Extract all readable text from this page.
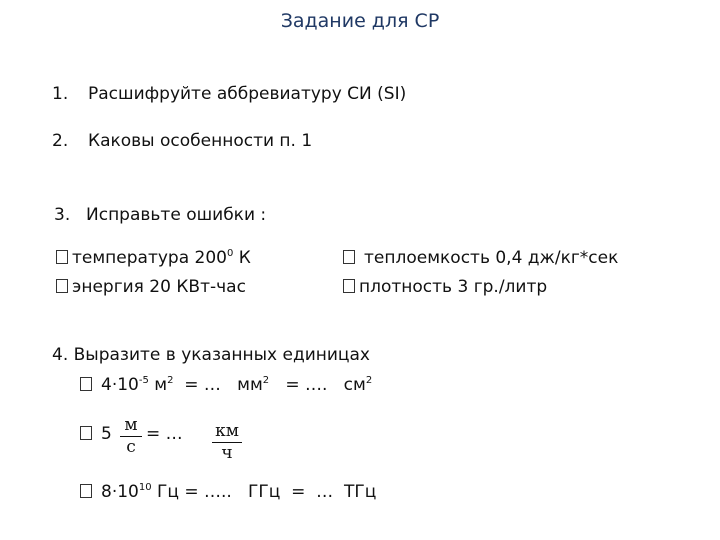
Задание для СР
1. Расшифруйте аббревиатуру СИ (SI)
2. Каковы особенности п. 1
3. Исправьте ошибки :
температура $200^0$ К
энергия 20 КВт-час
теплоемкость 0,4 дж/кг*сек
плотность 3 гр./литр
4. Выразите в указанных единицах
$4\cdot 10^{-5}$ $м^2$  = …   $мм^2$   = ….   $см^2$
5 м
с
= … км
ч
$8\cdot 10^{10}$ Гц = …..   ГГц  =  …  ТГц
